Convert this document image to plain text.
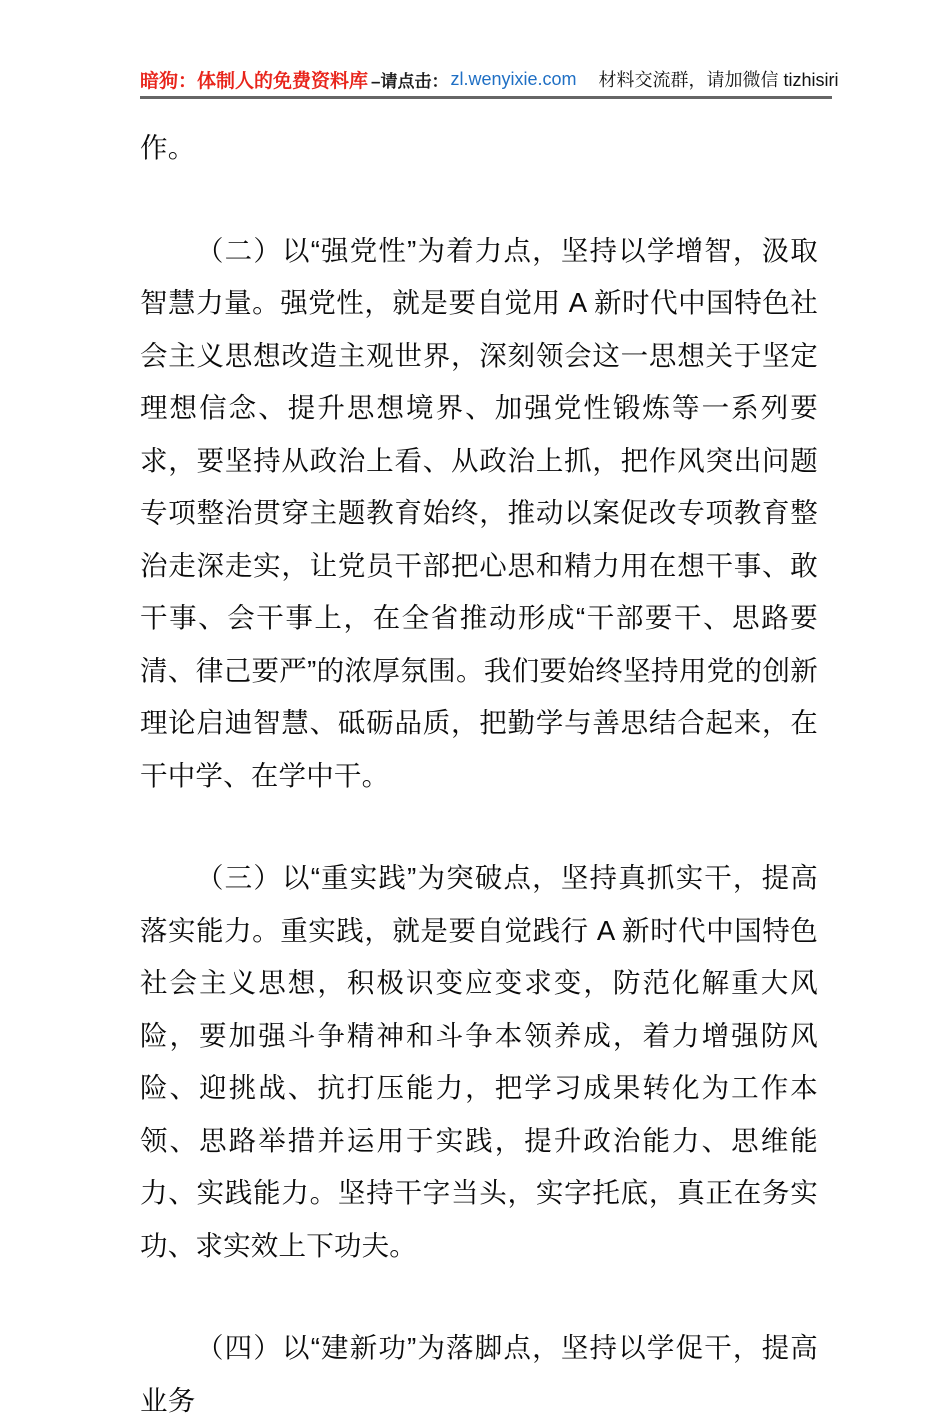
暗狗：体制人的免费资料库 –请点击： zl.wenyixie.com 材料交流群，请加微信 tizhisiri

作。

（二）以“强党性”为着力点，坚持以学增智，汲取智慧力量。强党性，就是要自觉用 A 新时代中国特色社会主义思想改造主观世界，深刻领会这一思想关于坚定理想信念、提升思想境界、加强党性锻炼等一系列要求，要坚持从政治上看、从政治上抓，把作风突出问题专项整治贯穿主题教育始终，推动以案促改专项教育整治走深走实，让党员干部把心思和精力用在想干事、敢干事、会干事上，在全省推动形成“干部要干、思路要清、律己要严”的浓厚氛围。我们要始终坚持用党的创新理论启迪智慧、砥砺品质，把勤学与善思结合起来，在干中学、在学中干。

（三）以“重实践”为突破点，坚持真抓实干，提高落实能力。重实践，就是要自觉践行 A 新时代中国特色社会主义思想，积极识变应变求变，防范化解重大风险，要加强斗争精神和斗争本领养成，着力增强防风险、迎挑战、抗打压能力，把学习成果转化为工作本领、思路举措并运用于实践，提升政治能力、思维能力、实践能力。坚持干字当头，实字托底，真正在务实功、求实效上下功夫。

（四）以“建新功”为落脚点，坚持以学促干，提高业务
